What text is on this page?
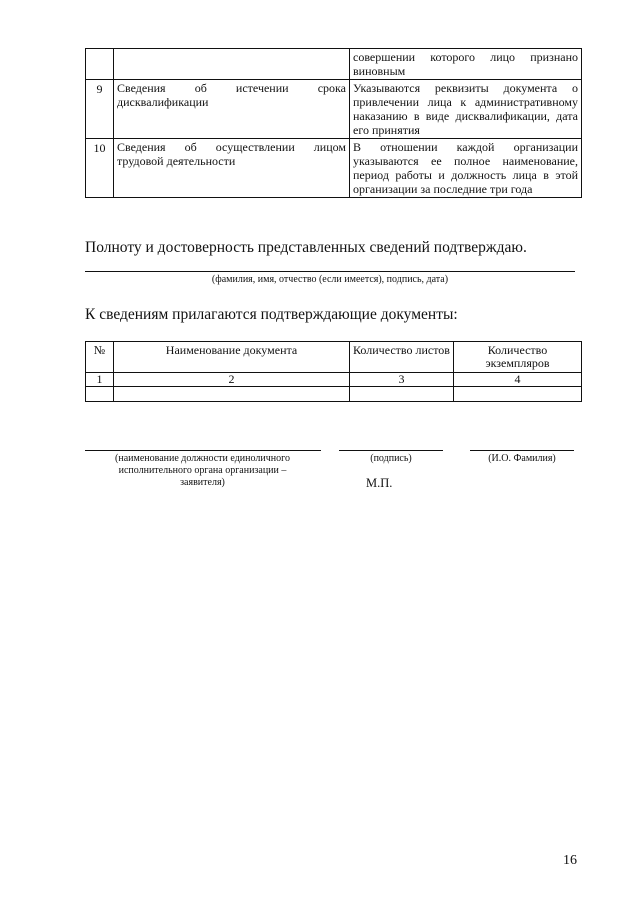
		совершении которого лицо признано виновным
9	Сведения об истечении срока дисквалификации	Указываются реквизиты документа о привлечении лица к административному наказанию в виде дисквалификации, дата его принятия
10	Сведения об осуществлении лицом трудовой деятельности	В отношении каждой организации указываются ее полное наименование, период работы и должность лица в этой организации за последние три года
Полноту и достоверность представленных сведений подтверждаю.
(фамилия, имя, отчество (если имеется), подпись, дата)
К сведениям прилагаются подтверждающие документы:
№	Наименование документа	Количество листов	Количество экземпляров
1	2	3	4

(наименование должности единоличного исполнительного органа организации – заявителя)
(подпись)	(И.О. Фамилия)
М.П.
16
